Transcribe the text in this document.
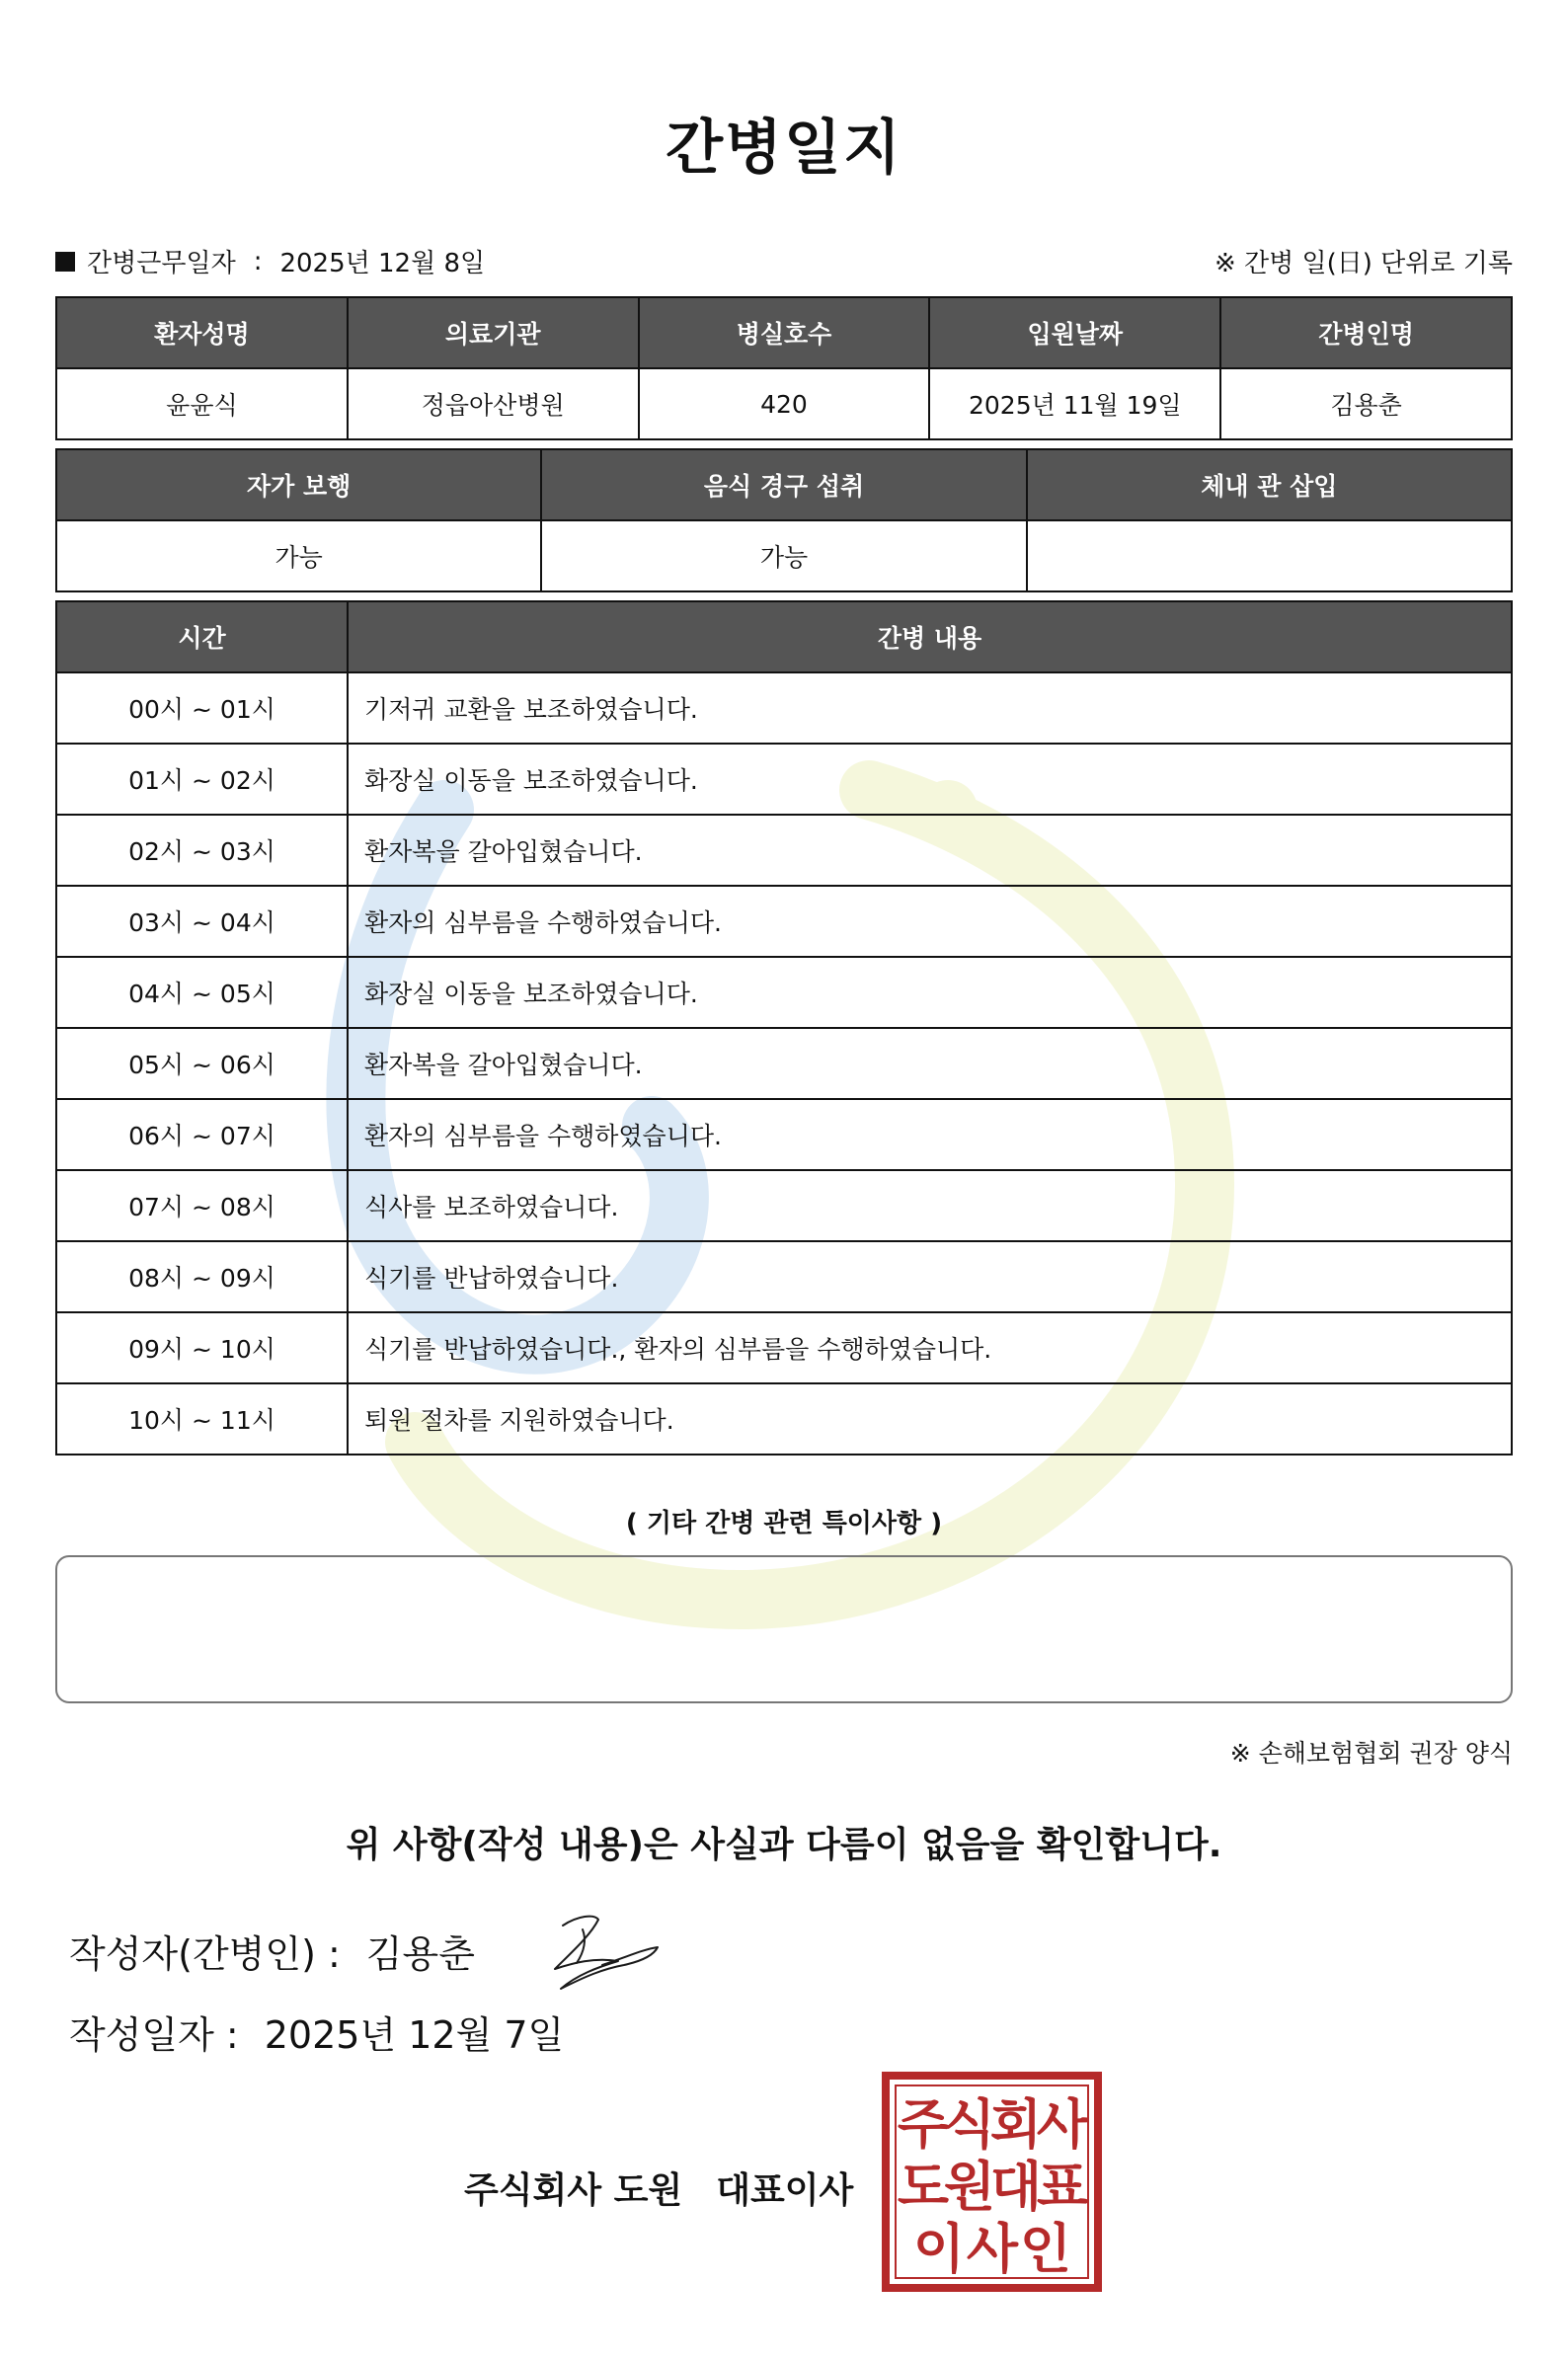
간병일지
간병근무일자 : 2025년 12월 8일	※ 간병 일(日) 단위로 기록
환자성명	의료기관	병실호수	입원날짜	간병인명
윤윤식	정읍아산병원	420	2025년 11월 19일	김용춘
자가 보행	음식 경구 섭취	체내 관 삽입
가능	가능	
시간	간병 내용
00시 ~ 01시	기저귀 교환을 보조하였습니다.
01시 ~ 02시	화장실 이동을 보조하였습니다.
02시 ~ 03시	환자복을 갈아입혔습니다.
03시 ~ 04시	환자의 심부름을 수행하였습니다.
04시 ~ 05시	화장실 이동을 보조하였습니다.
05시 ~ 06시	환자복을 갈아입혔습니다.
06시 ~ 07시	환자의 심부름을 수행하였습니다.
07시 ~ 08시	식사를 보조하였습니다.
08시 ~ 09시	식기를 반납하였습니다.
09시 ~ 10시	식기를 반납하였습니다., 환자의 심부름을 수행하였습니다.
10시 ~ 11시	퇴원 절차를 지원하였습니다.
( 기타 간병 관련 특이사항 )
※ 손해보험협회 권장 양식
위 사항(작성 내용)은 사실과 다름이 없음을 확인합니다.
작성자(간병인) : 김용춘
작성일자 : 2025년 12월 7일
주식회사 도원 대표이사
주
식
회
사
도
원
대
표
이 사 인
